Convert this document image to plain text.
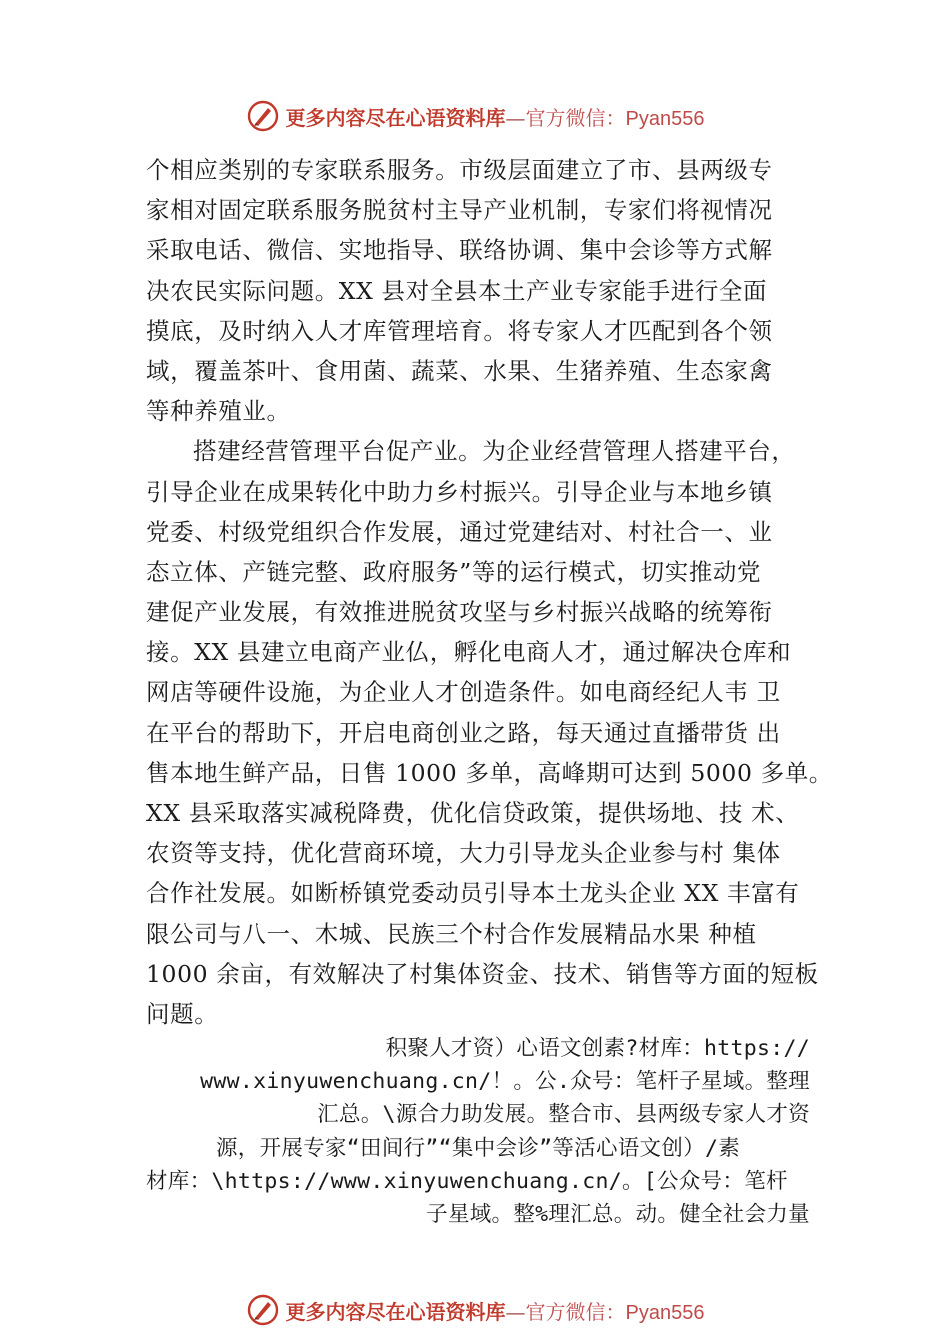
更多内容尽在心语资料库—官方微信：Pyan556
个相应类别的专家联系服务。市级层面建立了市、县两级专
家相对固定联系服务脱贫村主导产业机制，专家们将视情况
采取电话、微信、实地指导、联络协调、集中会诊等方式解
决农民实际问题。XX 县对全县本土产业专家能手进行全面
摸底，及时纳入人才库管理培育。将专家人才匹配到各个领
域，覆盖茶叶、食用菌、蔬菜、水果、生猪养殖、生态家禽
等种养殖业。
搭建经营管理平台促产业。为企业经营管理人搭建平台，
引导企业在成果转化中助力乡村振兴。引导企业与本地乡镇
党委、村级党组织合作发展，通过党建结对、村社合一、业
态立体、产链完整、政府服务”等的运行模式，切实推动党
建促产业发展，有效推进脱贫攻坚与乡村振兴战略的统筹衔
接。XX 县建立电商产业仏，孵化电商人才，通过解决仓库和
网店等硬件设施，为企业人才创造条件。如电商经纪人韦 卫
在平台的帮助下，开启电商创业之路，每天通过直播带货 出
售本地生鲜产品，日售 1000 多单，高峰期可达到 5000 多单。
XX 县采取落实减税降费，优化信贷政策，提供场地、技 术、
农资等支持，优化营商环境，大力引导龙头企业参与村 集体
合作社发展。如断桥镇党委动员引导本土龙头企业 XX 丰富有
限公司与八一、木城、民族三个村合作发展精品水果 种植
1000 余亩，有效解决了村集体资金、技术、销售等方面的短板
问题。
积聚人才资）心语文创素?材库：https://
www.xinyuwenchuang.cn/！。公.众号：笔杆子星域。整理
汇总。\源合力助发展。整合市、县两级专家人才资
源，开展专家“田间行”“集中会诊”等活心语文创）/素
材库：\https://www.xinyuwenchuang.cn/。[公众号：笔杆
子星域。整%理汇总。动。健全社会力量
更多内容尽在心语资料库—官方微信：Pyan556
